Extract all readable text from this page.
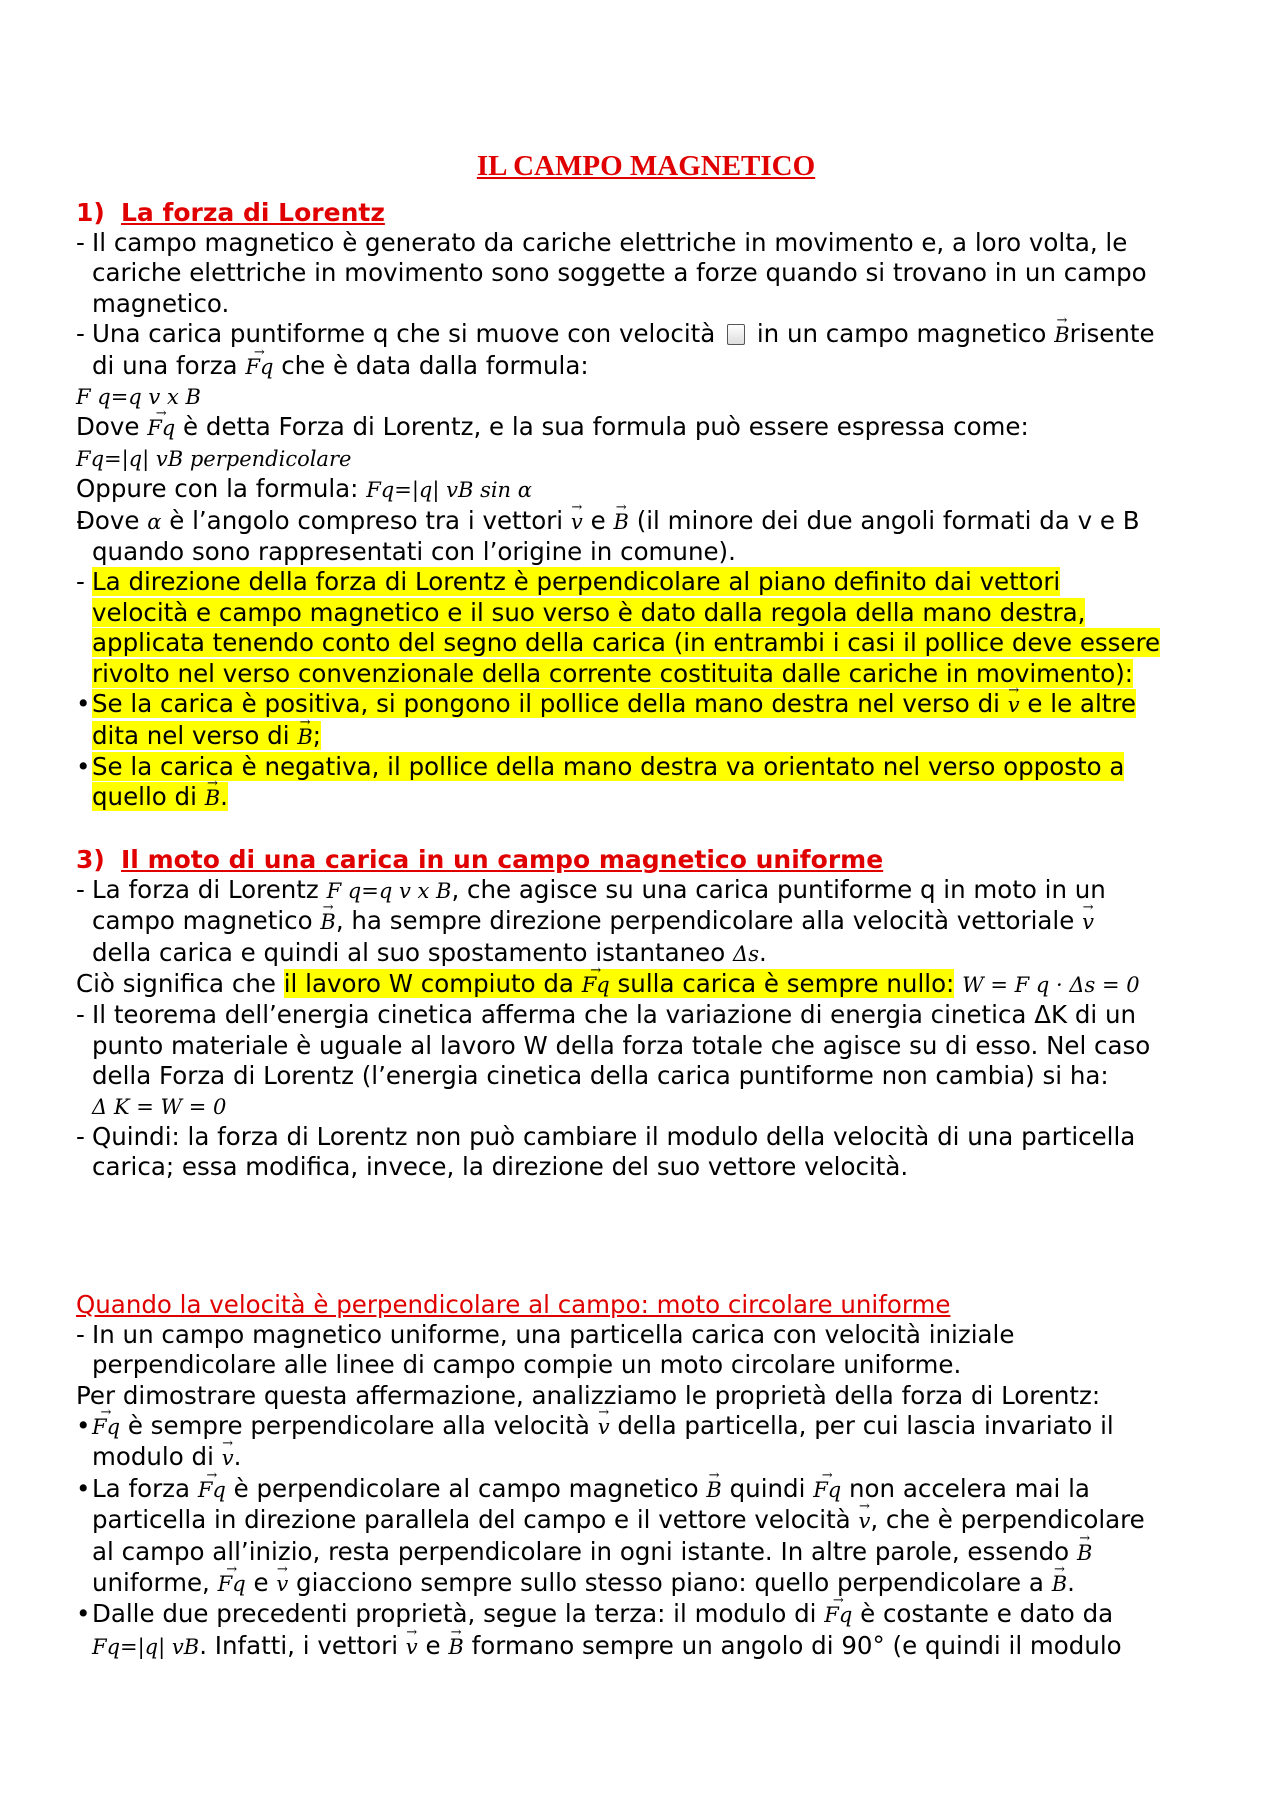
IL CAMPO MAGNETICO
1) La forza di Lorentz
- Il campo magnetico è generato da cariche elettriche in movimento e, a loro volta, le
cariche elettriche in movimento sono soggette a forze quando si trovano in un campo
magnetico.
- Una carica puntiforme q che si muove con velocità in un campo magnetico B →risente
di una forza Fq → che è data dalla formula:
F q=q v x B
Dove Fq → è detta Forza di Lorentz, e la sua formula può essere espressa come:
Fq=|q| vB perpendicolare
Oppure con la formula: Fq=|q| vB sin α
- Dove α è l’angolo compreso tra i vettori v → e B → (il minore dei due angoli formati da v e B
quando sono rappresentati con l’origine in comune).
- La direzione della forza di Lorentz è perpendicolare al piano definito dai vettori
velocità e campo magnetico e il suo verso è dato dalla regola della mano destra,
applicata tenendo conto del segno della carica (in entrambi i casi il pollice deve essere
rivolto nel verso convenzionale della corrente costituita dalle cariche in movimento):
• Se la carica è positiva, si pongono il pollice della mano destra nel verso di v → e le altre
dita nel verso di B →;
• Se la carica è negativa, il pollice della mano destra va orientato nel verso opposto a
quello di B →.
3) Il moto di una carica in un campo magnetico uniforme
- La forza di Lorentz F q=q v x B, che agisce su una carica puntiforme q in moto in un
campo magnetico B →, ha sempre direzione perpendicolare alla velocità vettoriale v →
della carica e quindi al suo spostamento istantaneo Δs.
Ciò significa che il lavoro W compiuto da Fq → sulla carica è sempre nullo: W = F q · Δs = 0
- Il teorema dell’energia cinetica afferma che la variazione di energia cinetica ΔK di un
punto materiale è uguale al lavoro W della forza totale che agisce su di esso. Nel caso
della Forza di Lorentz (l’energia cinetica della carica puntiforme non cambia) si ha:
Δ K = W = 0
- Quindi: la forza di Lorentz non può cambiare il modulo della velocità di una particella
carica; essa modifica, invece, la direzione del suo vettore velocità.
Quando la velocità è perpendicolare al campo: moto circolare uniforme
- In un campo magnetico uniforme, una particella carica con velocità iniziale
perpendicolare alle linee di campo compie un moto circolare uniforme.
Per dimostrare questa affermazione, analizziamo le proprietà della forza di Lorentz:
• Fq → è sempre perpendicolare alla velocità v → della particella, per cui lascia invariato il
modulo di v →.
• La forza Fq → è perpendicolare al campo magnetico B → quindi Fq → non accelera mai la
particella in direzione parallela del campo e il vettore velocità v →, che è perpendicolare
al campo all’inizio, resta perpendicolare in ogni istante. In altre parole, essendo B →
uniforme, Fq → e v → giacciono sempre sullo stesso piano: quello perpendicolare a B →.
• Dalle due precedenti proprietà, segue la terza: il modulo di Fq → è costante e dato da
Fq=|q| vB. Infatti, i vettori v → e B → formano sempre un angolo di 90° (e quindi il modulo
